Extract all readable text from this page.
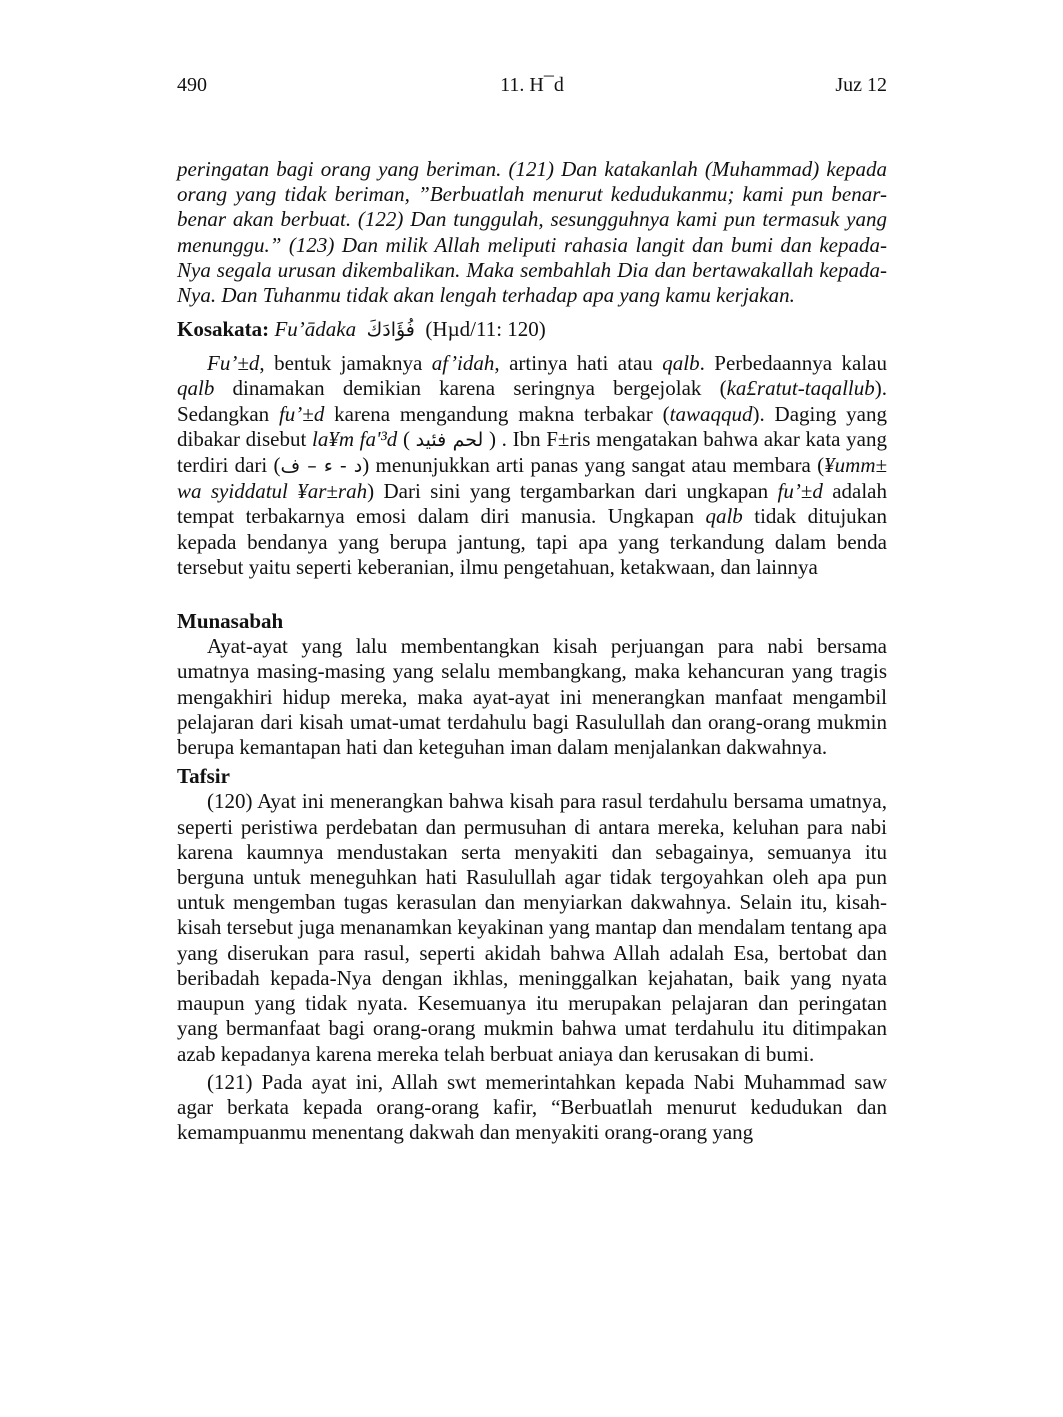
490	11. H¯d	Juz 12

peringatan bagi orang yang beriman. (121) Dan katakanlah (Muhammad) kepada orang yang tidak beriman, ”Berbuatlah menurut kedudukanmu; kami pun benar-benar akan berbuat. (122) Dan tunggulah, sesungguhnya kami pun termasuk yang menunggu.” (123) Dan milik Allah meliputi rahasia langit dan bumi dan kepada-Nya segala urusan dikembalikan. Maka sembahlah Dia dan bertawakallah kepada-Nya. Dan Tuhanmu tidak akan lengah terhadap apa yang kamu kerjakan.

Kosakata: Fu’ādaka فُؤَادَكَ (Hµd/11: 120)

Fu’±d, bentuk jamaknya af’idah, artinya hati atau qalb. Perbedaannya kalau qalb dinamakan demikian karena seringnya bergejolak (ka£ratut-taqallub). Sedangkan fu’±d karena mengandung makna terbakar (tawaqqud). Daging yang dibakar disebut la¥m fa'³d ( لحم فئيد ) . Ibn F±ris mengatakan bahwa akar kata yang terdiri dari (د - ء – ف) menunjukkan arti panas yang sangat atau membara (¥umm± wa syiddatul ¥ar±rah) Dari sini yang tergambarkan dari ungkapan fu’±d adalah tempat terbakarnya emosi dalam diri manusia. Ungkapan qalb tidak ditujukan kepada bendanya yang berupa jantung, tapi apa yang terkandung dalam benda tersebut yaitu seperti keberanian, ilmu pengetahuan, ketakwaan, dan lainnya

Munasabah

Ayat-ayat yang lalu membentangkan kisah perjuangan para nabi bersama umatnya masing-masing yang selalu membangkang, maka kehancuran yang tragis mengakhiri hidup mereka, maka ayat-ayat ini menerangkan manfaat mengambil pelajaran dari kisah umat-umat terdahulu bagi Rasulullah dan orang-orang mukmin berupa kemantapan hati dan keteguhan iman dalam menjalankan dakwahnya.

Tafsir

(120) Ayat ini menerangkan bahwa kisah para rasul terdahulu bersama umatnya, seperti peristiwa perdebatan dan permusuhan di antara mereka, keluhan para nabi karena kaumnya mendustakan serta menyakiti dan sebagainya, semuanya itu berguna untuk meneguhkan hati Rasulullah agar tidak tergoyahkan oleh apa pun untuk mengemban tugas kerasulan dan menyiarkan dakwahnya. Selain itu, kisah-kisah tersebut juga menanamkan keyakinan yang mantap dan mendalam tentang apa yang diserukan para rasul, seperti akidah bahwa Allah adalah Esa, bertobat dan beribadah kepada-Nya dengan ikhlas, meninggalkan kejahatan, baik yang nyata maupun yang tidak nyata. Kesemuanya itu merupakan pelajaran dan peringatan yang bermanfaat bagi orang-orang mukmin bahwa umat terdahulu itu ditimpakan azab kepadanya karena mereka telah berbuat aniaya dan kerusakan di bumi.

(121) Pada ayat ini, Allah swt memerintahkan kepada Nabi Muhammad saw agar berkata kepada orang-orang kafir, “Berbuatlah menurut kedudukan dan kemampuanmu menentang dakwah dan menyakiti orang-orang yang
